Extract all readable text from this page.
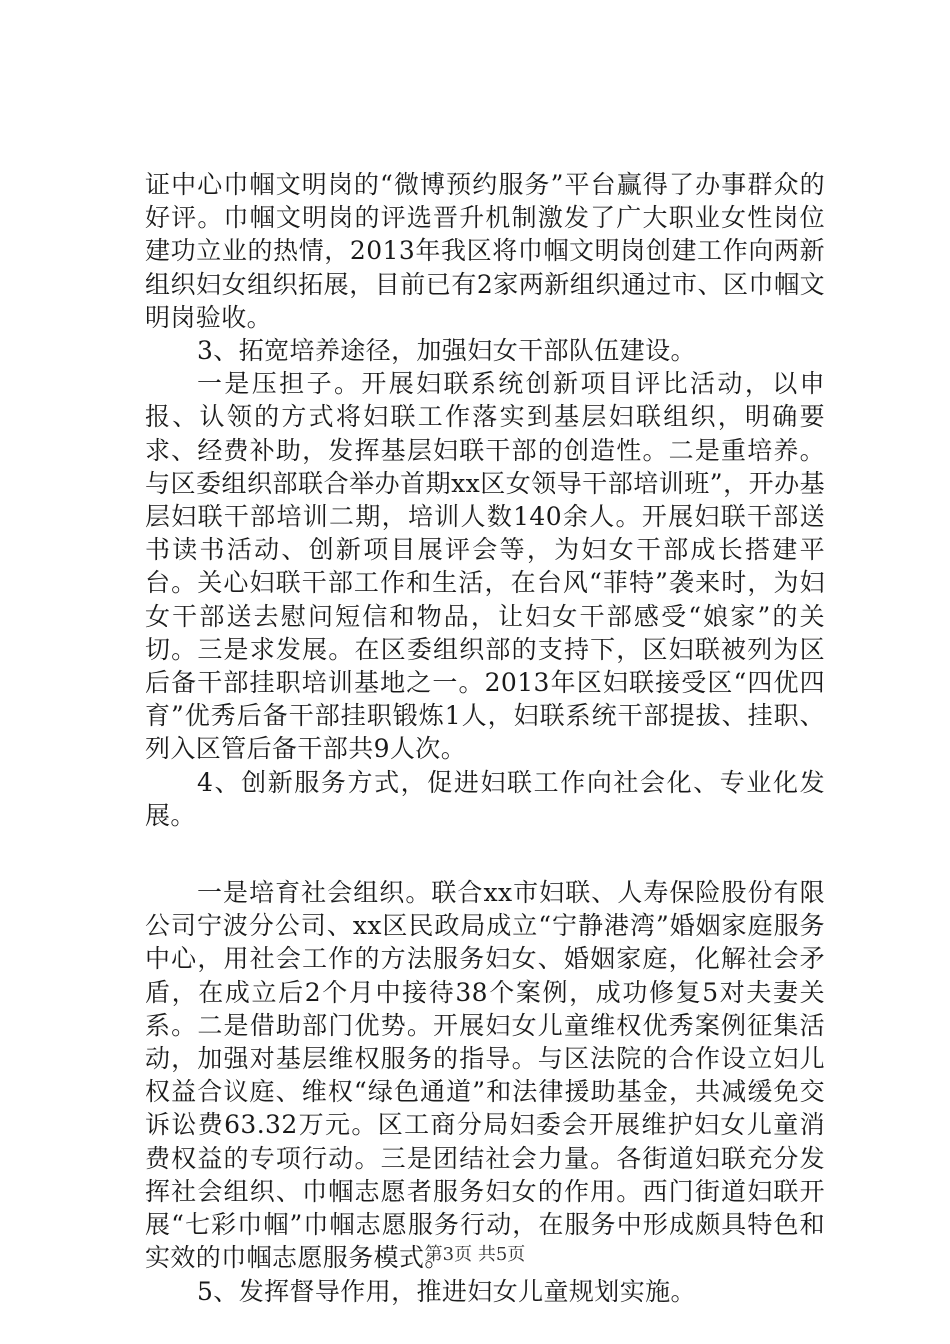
证中心巾帼文明岗的“微博预约服务”平台赢得了办事群众的好评。巾帼文明岗的评选晋升机制激发了广大职业女性岗位建功立业的热情，2013年我区将巾帼文明岗创建工作向两新组织妇女组织拓展，目前已有2家两新组织通过市、区巾帼文明岗验收。

3、拓宽培养途径，加强妇女干部队伍建设。

一是压担子。开展妇联系统创新项目评比活动，以申报、认领的方式将妇联工作落实到基层妇联组织，明确要求、经费补助，发挥基层妇联干部的创造性。二是重培养。与区委组织部联合举办首期xx区女领导干部培训班”，开办基层妇联干部培训二期，培训人数140余人。开展妇联干部送书读书活动、创新项目展评会等，为妇女干部成长搭建平台。关心妇联干部工作和生活，在台风“菲特”袭来时，为妇女干部送去慰问短信和物品，让妇女干部感受“娘家”的关切。三是求发展。在区委组织部的支持下，区妇联被列为区后备干部挂职培训基地之一。2013年区妇联接受区“四优四育”优秀后备干部挂职锻炼1人，妇联系统干部提拔、挂职、列入区管后备干部共9人次。

4、创新服务方式，促进妇联工作向社会化、专业化发展。

一是培育社会组织。联合xx市妇联、人寿保险股份有限公司宁波分公司、xx区民政局成立“宁静港湾”婚姻家庭服务中心，用社会工作的方法服务妇女、婚姻家庭，化解社会矛盾，在成立后2个月中接待38个案例，成功修复5对夫妻关系。二是借助部门优势。开展妇女儿童维权优秀案例征集活动，加强对基层维权服务的指导。与区法院的合作设立妇儿权益合议庭、维权“绿色通道”和法律援助基金，共减缓免交诉讼费63.32万元。区工商分局妇委会开展维护妇女儿童消费权益的专项行动。三是团结社会力量。各街道妇联充分发挥社会组织、巾帼志愿者服务妇女的作用。西门街道妇联开展“七彩巾帼”巾帼志愿服务行动，在服务中形成颇具特色和实效的巾帼志愿服务模式。

5、发挥督导作用，推进妇女儿童规划实施。

第3页 共5页
